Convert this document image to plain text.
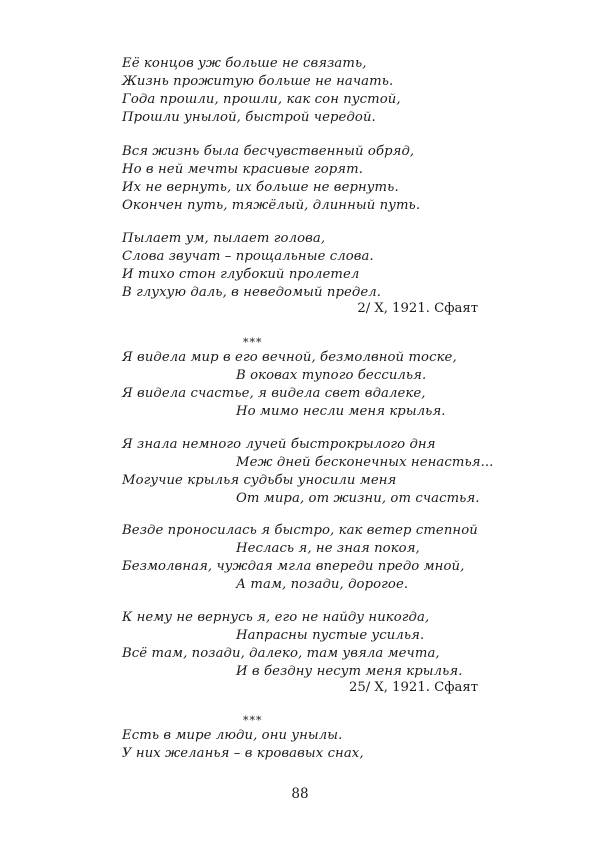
Её концов уж больше не связать,
Жизнь прожитую больше не начать.
Года прошли, прошли, как сон пустой,
Прошли унылой, быстрой чередой.
Вся жизнь была бесчувственный обряд,
Но в ней мечты красивые горят.
Их не вернуть, их больше не вернуть.
Окончен путь, тяжёлый, длинный путь.
Пылает ум, пылает голова,
Слова звучат – прощальные слова.
И тихо стон глубокий пролетел
В глухую даль, в неведомый предел.
2/ X, 1921. Сфаят
***
Я видела мир в его вечной, безмолвной тоске,
В оковах тупого бессилья.
Я видела счастье, я видела свет вдалеке,
Но мимо несли меня крылья.
Я знала немного лучей быстрокрылого дня
Меж дней бесконечных ненастья...
Могучие крылья судьбы уносили меня
От мира, от жизни, от счастья.
Везде проносилась я быстро, как ветер степной
Неслась я, не зная покоя,
Безмолвная, чуждая мгла впереди предо мной,
А там, позади, дорогое.
К нему не вернусь я, его не найду никогда,
Напрасны пустые усилья.
Всё там, позади, далеко, там увяла мечта,
И в бездну несут меня крылья.
25/ X, 1921. Сфаят
***
Есть в мире люди, они унылы.
У них желанья – в кровавых снах,
88
